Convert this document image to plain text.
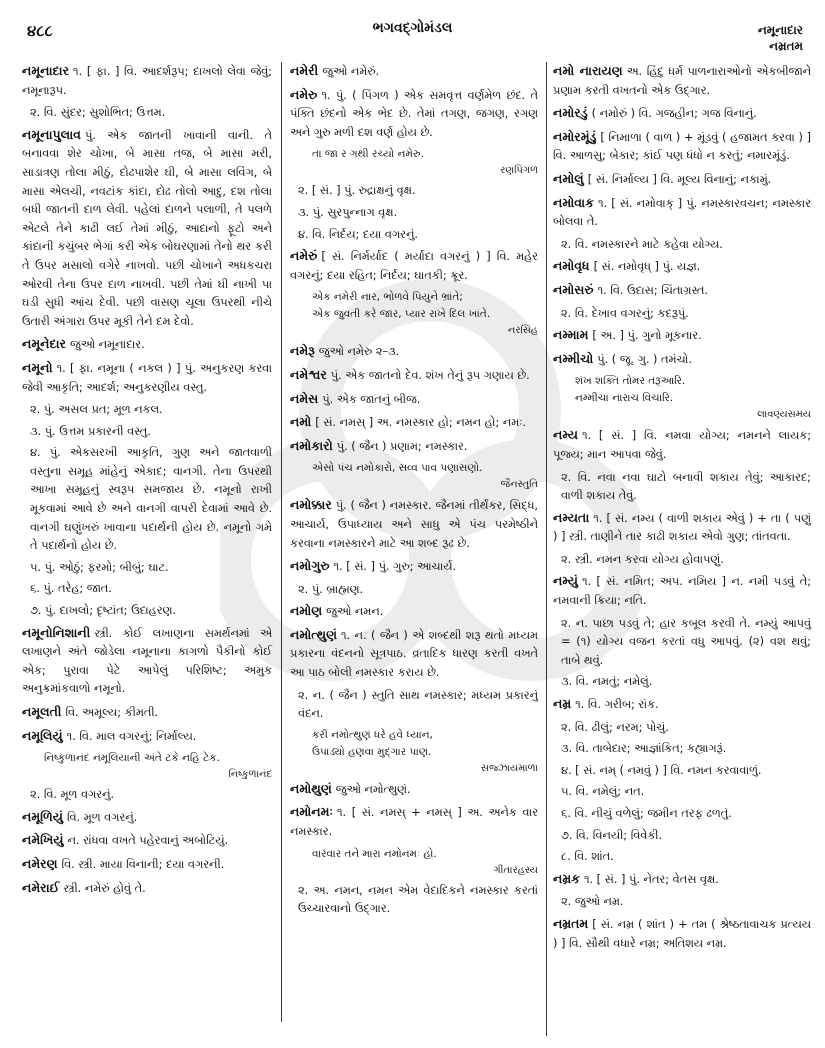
૪૮૮	ભગવદ્ગોમંડલ	નમૂનાદાર
નમ્રતમ
નમૂનાદાર ૧. [ ફા. ] વિ. આદર્શરૂપ; દાખલો લેવા જેવું; નમૂનારૂપ.
૨. વિ. સુંદર; સુશોભિત; ઉત્તમ.
નમૂનાપુલાવ પું. એક જાતની ખાવાની વાની. તે બનાવવા શેર ચોખા, બે માસા તજ, બે માસા મરી, સાડાત્રણ તોલા મીઠું, દોઢપાશેર ઘી, બે માસા લવિંગ, બે માસા એલચી, નવટાંક કાંદા, દોઢ તોલો આદુ, દશ તોલા બધી જાતની દાળ લેવી. પહેલાં દાળને પલાળી, તે પલળે એટલે તેને કાઢી લઈ તેમાં મીઠું, આદાનો ફૂટો અને કાંદાની કચુંબર ભેગાં કરી એક બોઘરણામાં તેનો થર કરી તે ઉપર મસાલો વગેરે નાખવો. પછી ચોખાને અધકચરા ઓરવી તેના ઉપર દાળ નાખવી. પછી તેમાં ઘી નાખી પા ઘડી સુધી આંચ દેવી. પછી વાસણ ચૂલા ઉપરથી નીચે ઉતારી અંગારા ઉપર મૂકી તેને દમ દેવો.
નમૂનેદાર જુઓ નમૂનાદાર.
નમૂનો ૧. [ ફા. નમૂના ( નકલ ) ] પું. અનુકરણ કરવા જેવી આકૃતિ; આદર્શ; અનુકરણીય વસ્તુ.
૨. પું. અસલ પ્રત; મૂળ નકલ.
૩. પું. ઉત્તમ પ્રકારની વસ્તુ.
૪. પું. એકસરખી આકૃતિ, ગુણ અને જાતવાળી વસ્તુના સમૂહ માંહેનું એકાદ; વાનગી. તેના ઉપરથી આખા સમૂહનું સ્વરૂપ સમજાય છે. નમૂનો રાખી મૂકવામાં આવે છે અને વાનગી વાપરી દેવામાં આવે છે. વાનગી ઘણુંખરું ખાવાના પદાર્થની હોય છે. નમૂનો ગમે તે પદાર્થનો હોય છે.
૫. પું. ઓઠું; ફરમો; બીબું; ઘાટ.
૬. પું. તરેહ; જાત.
૭. પું. દાખલો; દૃષ્ટાંત; ઉદાહરણ.
નમૂનોનિશાની સ્ત્રી. કોઈ લખાણના સમર્થનમાં એ લખાણને અંતે જોડેલા નમૂનાના કાગળો પૈકીનો કોઈ એક; પુરાવા પેટે આપેલું પરિશિષ્ટ; અમુક અનુક્રમાંકવાળો નમૂનો.
નમૂલતી વિ. અમૂલ્ય; કીમતી.
નમૂલિયું ૧. વિ. માલ વગરનું; નિર્માલ્ય.
નિષ્કુળાનંદ નમૂલિયાની અંતે ટકે નહિ ટેક.
નિષ્કુળાનંદ
૨. વિ. મૂળ વગરનું.
નમૂળિયું વિ. મૂળ વગરનું.
નમેખિયું ન. રાંધવા વખતે પહેરવાનું અબોટિયું.
નમેરણ વિ. સ્ત્રી. માયા વિનાની; દયા વગરની.
નમેરાઈ સ્ત્રી. નમેરું હોવું તે.
નમેરી જુઓ નમેરું.
નમેરુ ૧. પું. ( પિંગળ ) એક સમવૃત્ત વર્ણમેળ છંદ. તે પંક્તિ છંદનો એક ભેદ છે. તેમાં તગણ, જગણ, રગણ અને ગુરુ મળી દશ વર્ણ હોય છે.
તા જા ર ગથી રચ્યો નમેરુ.
રણપિંગળ
૨. [ સં. ] પું. રુદ્રાક્ષનું વૃક્ષ.
૩. પું. સુરપુન્નાગ વૃક્ષ.
૪. વિ. નિર્દય; દયા વગરનું.
નમેરું [ સં. નિર્મર્યાદ ( મર્યાદા વગરનું ) ] વિ. મહેર વગરનું; દયા રહિત; નિર્દય; ઘાતકી; ક્રૂર.
એક નમેરી નાર, ભોળવે પિયુને ભ્રાંતે;
એક જુવતી કરે જાર, પ્યાર રાખે દિલ ખાંતે.
નરસિંહ
નમેરૂ જુઓ નમેરુ ૨–૩.
નમેશ્વર પું. એક જાતનો દેવ. શંખ તેનું રૂપ ગણાય છે.
નમેસ પું. એક જાતનું બીજ.
નમો [ સં. નમસ્ ] અ. નમસ્કાર હો; નમન હો; નમઃ.
નમોકારો પું. ( જૈન ) પ્રણામ; નમસ્કાર.
એસો પંચ નમોકારો, સવ્વ પાવ પણાસણો.
જૈનસ્તુતિ
નમોક્કાર પું. ( જૈન ) નમસ્કાર. જૈનમાં તીર્થંકર, સિદ્ધ, આચાર્ય, ઉપાધ્યાય અને સાધુ એ પંચ પરમેષ્ઠીને કરવાના નમસ્કારને માટે આ શબ્દ રૂઢ છે.
નમોગુરુ ૧. [ સં. ] પું. ગુરુ; આચાર્ય.
૨. પું. બ્રાહ્મણ.
નમોણ જુઓ નમન.
નમોત્થુણં ૧. ન. ( જૈન ) એ શબ્દથી શરૂ થતો મધ્યમ પ્રકારના વંદનનો સૂત્રપાઠ. વ્રતાદિક ધારણ કરતી વખતે આ પાઠ બોલી નમસ્કાર કરાય છે.
૨. ન. ( જૈન ) સ્તુતિ સાથ નમસ્કાર; મધ્યમ પ્રકારનું વંદન.
કરી નમોત્થુણં ધરે હવે ધ્યાન,
ઉપાડ્યો હણવા મુદ્‌ગાર પાણ.
સજ્ઝાયમાળા
નમોથુણં જુઓ નમોત્થુણં.
નમોનમઃ ૧. [ સં. નમસ્ + નમસ્ ] અ. અનેક વાર નમસ્કાર.
વારંવાર તને મારા નમોનમઃ હો.
ગીતારહસ્ય
૨. અ. નમન, નમન એમ વેદાદિકને નમસ્કાર કરતાં ઉચ્ચારવાનો ઉદ્‌ગાર.
નમો નારાયણ અ. હિંદુ ધર્મ પાળનારાઓનો એકબીજાને પ્રણામ કરતી વખતનો એક ઉદ્‌ગાર.
નમોરડું ( નમોરું ) વિ. ગજહીન; ગજ વિનાનું.
નમોરમૂંડું [ નિમાળા ( વાળ ) + મૂંડવું ( હજામત કરવા ) ] વિ. આળસુ; બેકાર; કાંઈ પણ ધંધો ન કરતું; નમારમૂંડું.
નમોલું [ સં. નિર્માલ્ય ] વિ. મૂલ્ય વિનાનું; નકામું.
નમોવાક ૧. [ સં. નમોવાક્ ] પું. નમસ્કારવચન; નમસ્કાર બોલવા તે.
૨. વિ. નમસ્કારને માટે કહેવા યોગ્ય.
નમોવૃધ [ સં. નમોવૃધ્ ] પું. યજ્ઞ.
નમોસરું ૧. વિ. ઉદાસ; ચિંતાગ્રસ્ત.
૨. વિ. દેખાવ વગરનું; કદરૂપું.
નમ્મામ [ અ. ] પું. ગુનો મૂકનાર.
નમ્મીચો પું. ( જૂ. ગુ. ) તમંચો.
શંખ શક્તિ તોમર તરૂઆરિ.
નમ્મીચા નારાચ વિચારિ.
લાવણ્યસમય
નમ્ય ૧. [ સં. ] વિ. નમવા યોગ્ય; નમનને લાયક; પૂજ્ય; માન આપવા જેવું.
૨. વિ. નવા નવા ઘાટો બનાવી શકાય તેવું; આકારદ; વાળી શકાય તેવું.
નમ્યતા ૧. [ સં. નમ્ય ( વાળી શકાય એવું ) + તા ( પણું ) ] સ્ત્રી. તાણીને તાર કાઢી શકાય એવો ગુણ; તાંતવતા.
૨. સ્ત્રી. નમન કરવા યોગ્ય હોવાપણું.
નમ્યું ૧. [ સં. નમિત; અપ. નમિય ] ન. નમી પડવું તે; નમવાની ક્રિયા; નતિ.
૨. ન. પાછા પડવું તે; હાર કબૂલ કરવી તે. નમ્યું આપવું = (૧) યોગ્ય વજન કરતાં વધુ આપવું. (૨) વશ થવું; તાબે થવું.
૩. વિ. નમતું; નમેલું.
નમ્ર ૧. વિ. ગરીબ; રાંક.
૨. વિ. ઢીલું; નરમ; પોચું.
૩. વિ. તાબેદાર; આજ્ઞાંકિત; કહ્યાગરૂં.
૪. [ સં. નમ્ ( નમવું ) ] વિ. નમન કરવાવાળું.
૫. વિ. નમેલું; નત.
૬. વિ. નીચું વળેલું; જમીન તરફ ઢળતું.
૭. વિ. વિનયી; વિવેકી.
૮. વિ. શાંત.
નમ્રક ૧. [ સં. ] પું. નેતર; વેતસ વૃક્ષ.
૨. જુઓ નમ્ર.
નમ્રતમ [ સં. નમ્ર ( શાંત ) + તમ ( શ્રેષ્ઠતાવાચક પ્રત્યય ) ] વિ. સૌથી વધારે નમ્ર; અતિશય નમ્ર.
